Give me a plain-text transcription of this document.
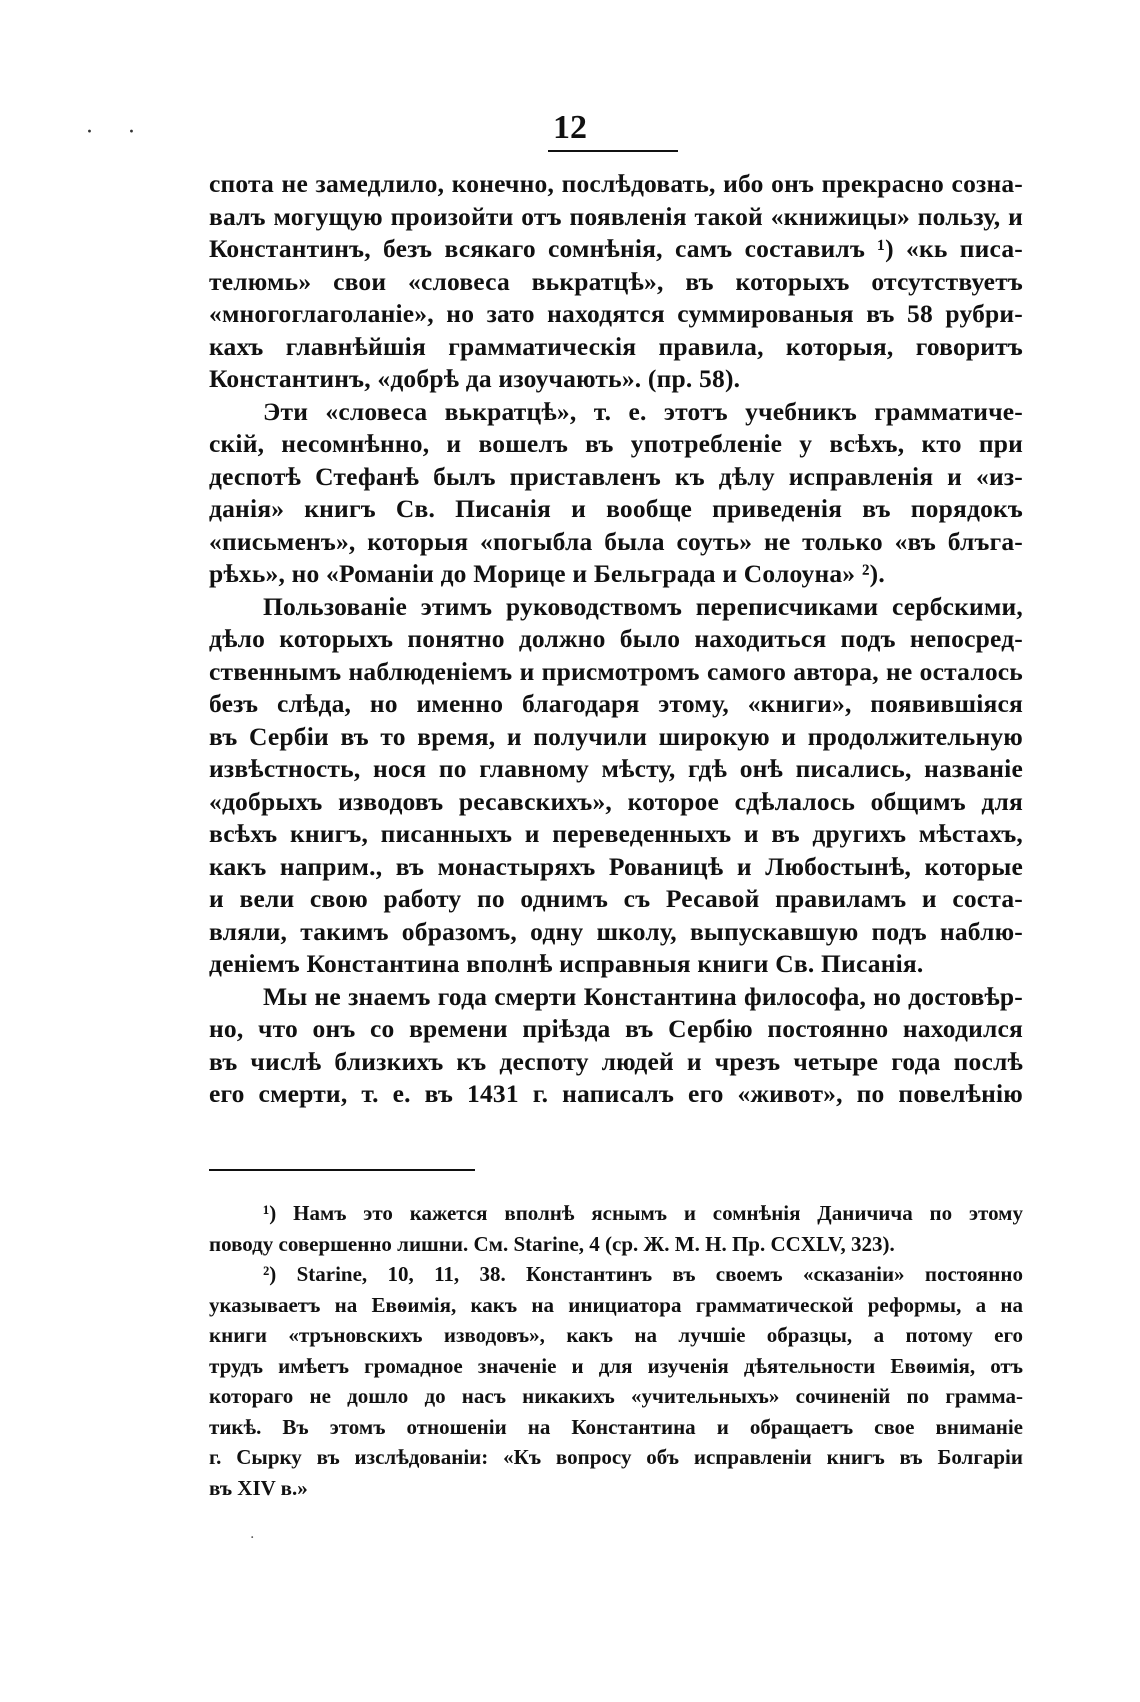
· ·	12

спота не замедлило, конечно, послѣдовать, ибо онъ прекрасно созна-

валъ могущую произойти отъ появленія такой «книжицы» пользу, и

Константинъ, безъ всякаго сомнѣнія, самъ составилъ ¹) «кь писа-

телюмь» свои «словеса вькратцѣ», въ которыхъ отсутствуетъ

«многоглаголаніе», но зато находятся суммированыя въ 58 рубри-

кахъ главнѣйшія грамматическія правила, которыя, говоритъ

Константинъ, «добрѣ да изоучають». (пр. 58).

Эти «словеса вькратцѣ», т. е. этотъ учебникъ грамматиче-

скій, несомнѣнно, и вошелъ въ употребленіе у всѣхъ, кто при

деспотѣ Стефанѣ былъ приставленъ къ дѣлу исправленія и «из-

данія» книгъ Св. Писанія и вообще приведенія въ порядокъ

«письменъ», которыя «погыбла была соуть» не только «въ блъга-

рѣхь», но «Романіи до Морице и Бельграда и Солоуна» ²).

Пользованіе этимъ руководствомъ переписчиками сербскими,

дѣло которыхъ понятно должно было находиться подъ непосред-

ственнымъ наблюденіемъ и присмотромъ самого автора, не осталось

безъ слѣда, но именно благодаря этому, «книги», появившіяся

въ Сербіи въ то время, и получили широкую и продолжительную

извѣстность, нося по главному мѣсту, гдѣ онѣ писались, названіе

«добрыхъ изводовъ ресавскихъ», которое сдѣлалось общимъ для

всѣхъ книгъ, писанныхъ и переведенныхъ и въ другихъ мѣстахъ,

какъ наприм., въ монастыряхъ Рованицѣ и Любостынѣ, которые

и вели свою работу по однимъ съ Ресавой правиламъ и соста-

вляли, такимъ образомъ, одну школу, выпускавшую подъ наблю-

деніемъ Константина вполнѣ исправныя книги Св. Писанія.

Мы не знаемъ года смерти Константина философа, но достовѣр-

но, что онъ со времени пріѣзда въ Сербію постоянно находился

въ числѣ близкихъ къ деспоту людей и чрезъ четыре года послѣ

его смерти, т. е. въ 1431 г. написалъ его «живот», по повелѣнію

¹) Намъ это кажется вполнѣ яснымъ и сомнѣнія Даничича по этому

поводу совершенно лишни. См. Starine, 4 (ср. Ж. М. Н. Пр. CCXLV, 323).

²) Starine, 10, 11, 38. Константинъ въ своемъ «сказаніи» постоянно

указываетъ на Евѳимія, какъ на инициатора грамматической реформы, а на

книги «тръновскихъ изводовъ», какъ на лучшіе образцы, а потому его

трудъ имѣетъ громадное значеніе и для изученія дѣятельности Евѳимія, отъ

котораго не дошло до насъ никакихъ «учительныхъ» сочиненій по грамма-

тикѣ. Въ этомъ отношеніи на Константина и обращаетъ свое вниманіе

г. Сырку въ изслѣдованіи: «Къ вопросу объ исправленіи книгъ въ Болгаріи

въ XIV в.»

·
